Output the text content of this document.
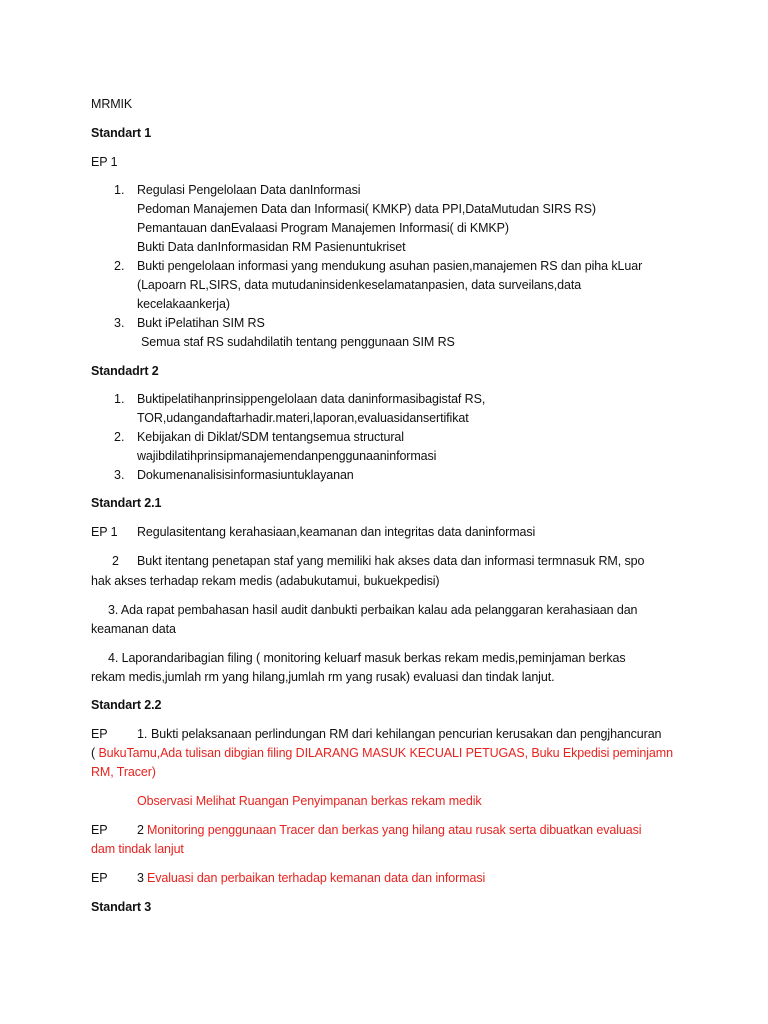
MRMIK
Standart 1
EP 1
1. Regulasi Pengelolaan Data danInformasi
Pedoman Manajemen Data dan Informasi( KMKP) data PPI,DataMutudan SIRS RS)
Pemantauan danEvalaasi Program Manajemen Informasi( di KMKP)
Bukti Data danInformasidan RM Pasienuntukriset
2. Bukti pengelolaan informasi yang mendukung asuhan pasien,manajemen RS dan piha kLuar
(Lapoarn RL,SIRS, data mutudaninsidenkeselamatanpasien, data surveilans,data
kecelakaankerja)
3. Bukt iPelatihan SIM RS
Semua staf RS sudahdilatih tentang penggunaan SIM RS
Standadrt 2
1. Buktipelatihanprinsippengelolaan data daninformasibagistaf RS,
TOR,udangandaftarhadir.materi,laporan,evaluasidansertifikat
2. Kebijakan di Diklat/SDM tentangsemua structural
wajibdilatihprinsipmanajemendanpenggunaaninformasi
3. Dokumenanalisisinformasiuntuklayanan
Standart 2.1
EP 1 Regulasitentang kerahasiaan,keamanan dan integritas data daninformasi
2 Bukt itentang penetapan staf yang memiliki hak akses data dan informasi termnasuk RM, spo
hak akses terhadap rekam medis (adabukutamui, bukuekpedisi)
3. Ada rapat pembahasan hasil audit danbukti perbaikan kalau ada pelanggaran kerahasiaan dan
keamanan data
4. Laporandaribagian filing ( monitoring keluarf masuk berkas rekam medis,peminjaman berkas
rekam medis,jumlah rm yang hilang,jumlah rm yang rusak) evaluasi dan tindak lanjut.
Standart 2.2
EP 1. Bukti pelaksanaan perlindungan RM dari kehilangan pencurian kerusakan dan pengjhancuran
( BukuTamu,Ada tulisan dibgian filing DILARANG MASUK KECUALI PETUGAS, Buku Ekpedisi peminjamn
RM, Tracer)
Observasi Melihat Ruangan Penyimpanan berkas rekam medik
EP 2 Monitoring penggunaan Tracer dan berkas yang hilang atau rusak serta dibuatkan evaluasi
dam tindak lanjut
EP 3 Evaluasi dan perbaikan terhadap kemanan data dan informasi
Standart 3
